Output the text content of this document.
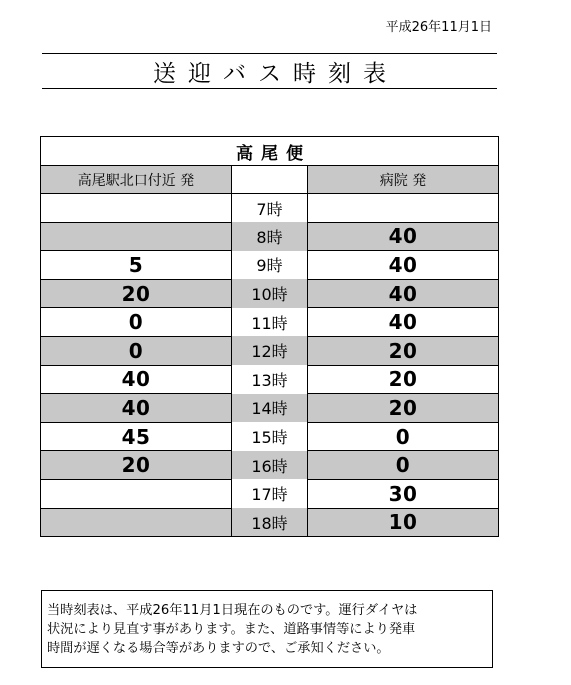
平成26年11月1日
送迎バス時刻表
高尾便		
高尾駅北口付近 発		病院 発
	7時	
	8時	40
5	9時	40
20	10時	40
0	11時	40
0	12時	20
40	13時	20
40	14時	20
45	15時	0
20	16時	0
	17時	30
	18時	10
当時刻表は、平成26年11月1日現在のものです。運行ダイヤは
状況により見直す事があります。また、道路事情等により発車
時間が遅くなる場合等がありますので、ご承知ください。
